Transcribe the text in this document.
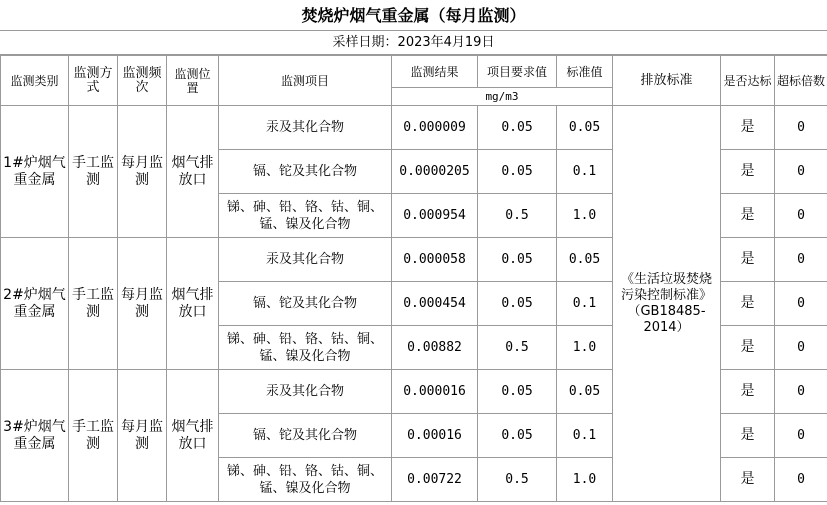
焚烧炉烟气重金属（每月监测）
采样日期：2023年4月19日
监测类别	监测方式	监测频次	监测位置	监测项目	监测结果	项目要求值	标准值	排放标准	是否达标	超标倍数
					mg/m3					
1#炉烟气重金属	手工监测	每月监测	烟气排放口	汞及其化合物	0.000009	0.05	0.05	《生活垃圾焚烧污染控制标准》（GB18485-2014）	是	0
				镉、铊及其化合物	0.0000205	0.05	0.1		是	0
				锑、砷、铅、铬、钴、铜、锰、镍及化合物	0.000954	0.5	1.0		是	0
2#炉烟气重金属	手工监测	每月监测	烟气排放口	汞及其化合物	0.000058	0.05	0.05		是	0
				镉、铊及其化合物	0.000454	0.05	0.1		是	0
				锑、砷、铅、铬、钴、铜、锰、镍及化合物	0.00882	0.5	1.0		是	0
3#炉烟气重金属	手工监测	每月监测	烟气排放口	汞及其化合物	0.000016	0.05	0.05		是	0
				镉、铊及其化合物	0.00016	0.05	0.1		是	0
				锑、砷、铅、铬、钴、铜、锰、镍及化合物	0.00722	0.5	1.0		是	0
